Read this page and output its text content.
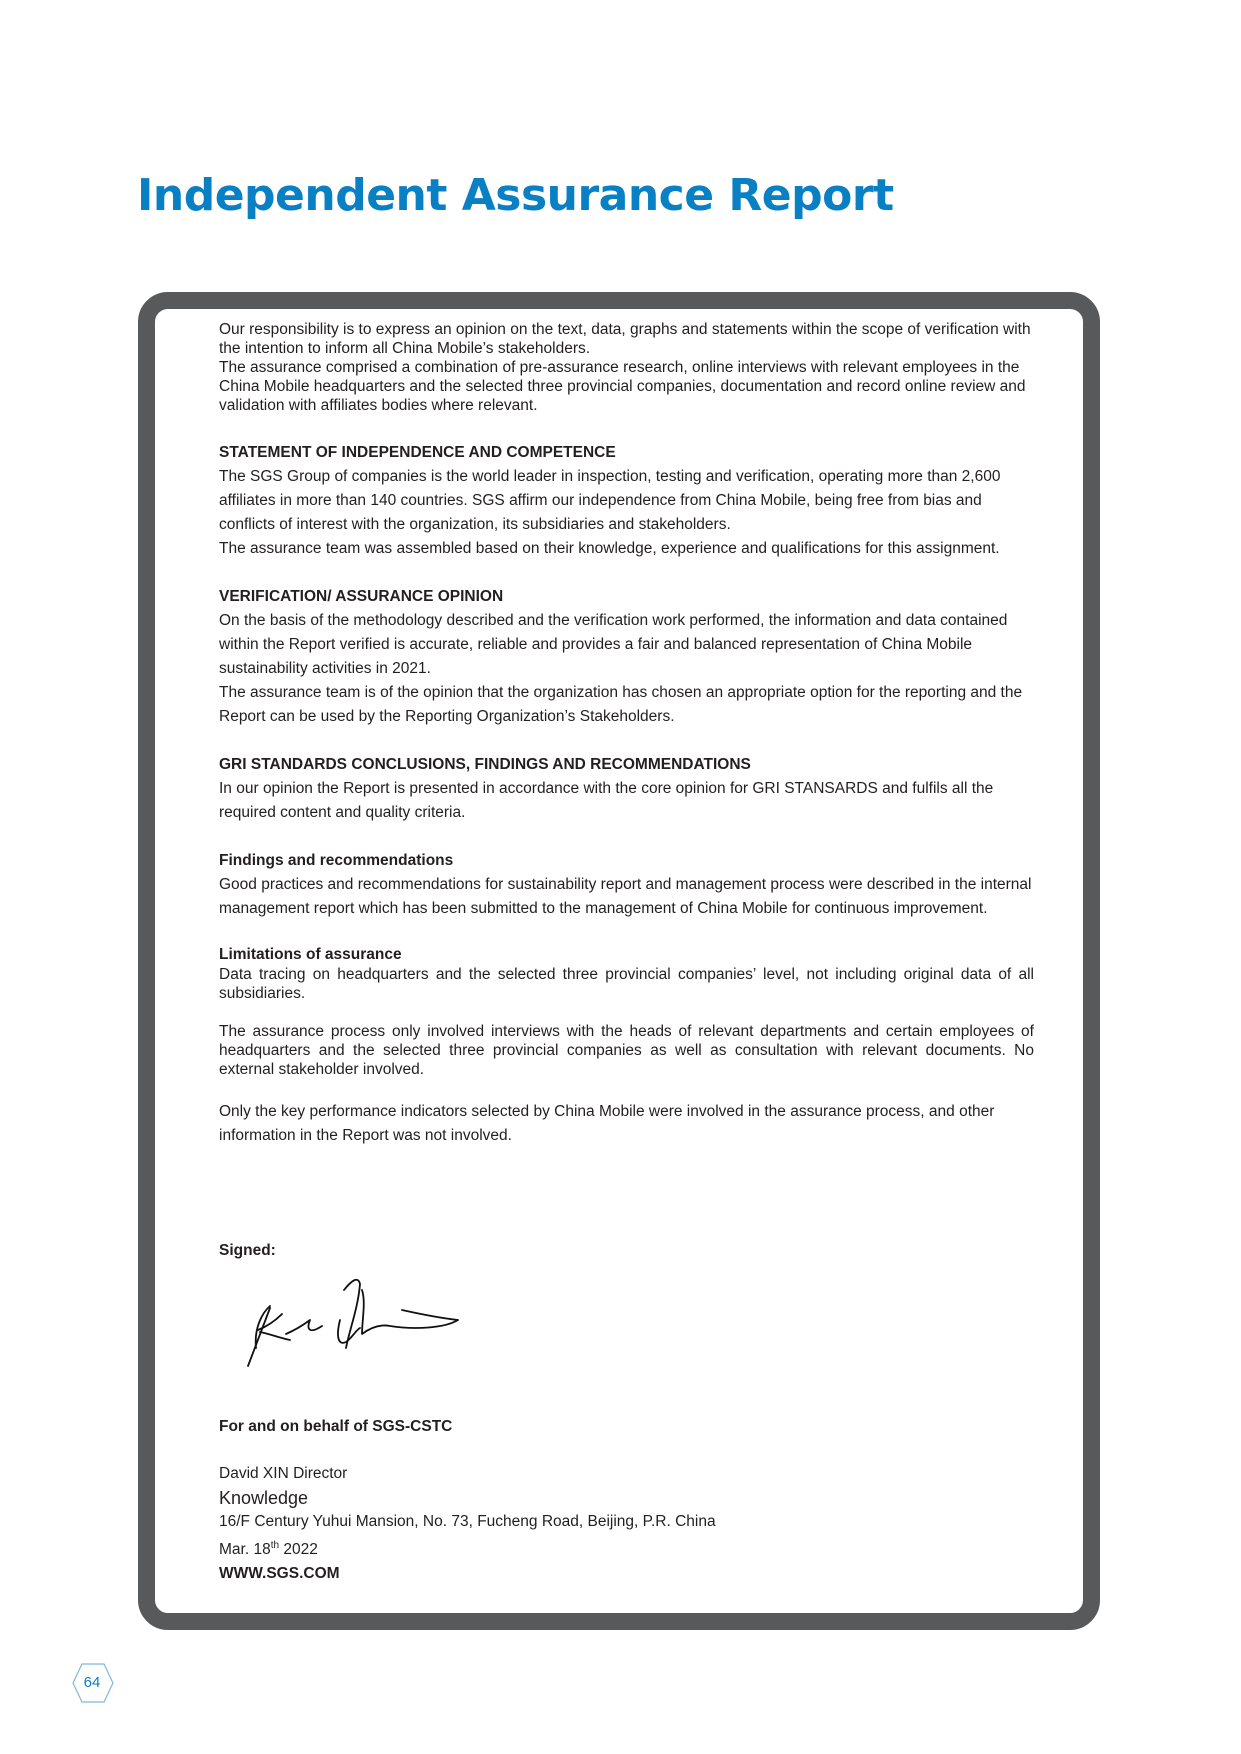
Independent Assurance Report

Our responsibility is to express an opinion on the text, data, graphs and statements within the scope of verification with the intention to inform all China Mobile’s stakeholders.

The assurance comprised a combination of pre-assurance research, online interviews with relevant employees in the China Mobile headquarters and the selected three provincial companies, documentation and record online review and validation with affiliates bodies where relevant.

STATEMENT OF INDEPENDENCE AND COMPETENCE

The SGS Group of companies is the world leader in inspection, testing and verification, operating more than 2,600 affiliates in more than 140 countries. SGS affirm our independence from China Mobile, being free from bias and conflicts of interest with the organization, its subsidiaries and stakeholders.

The assurance team was assembled based on their knowledge, experience and qualifications for this assignment.

VERIFICATION/ ASSURANCE OPINION

On the basis of the methodology described and the verification work performed, the information and data contained within the Report verified is accurate, reliable and provides a fair and balanced representation of China Mobile sustainability activities in 2021.

The assurance team is of the opinion that the organization has chosen an appropriate option for the reporting and the Report can be used by the Reporting Organization’s Stakeholders.

GRI STANDARDS CONCLUSIONS, FINDINGS AND RECOMMENDATIONS

In our opinion the Report is presented in accordance with the core opinion for GRI STANSARDS and fulfils all the required content and quality criteria.

Findings and recommendations

Good practices and recommendations for sustainability report and management process were described in the internal management report which has been submitted to the management of China Mobile for continuous improvement.

Limitations of assurance

Data tracing on headquarters and the selected three provincial companies’ level, not including original data of all subsidiaries.

The assurance process only involved interviews with the heads of relevant departments and certain employees of headquarters and the selected three provincial companies as well as consultation with relevant documents. No external stakeholder involved.

Only the key performance indicators selected by China Mobile were involved in the assurance process, and other information in the Report was not involved.

Signed:
For and on behalf of SGS-CSTC
David XIN Director
Knowledge
16/F Century Yuhui Mansion, No. 73, Fucheng Road, Beijing, P.R. China
Mar. 18th 2022
WWW.SGS.COM
64
